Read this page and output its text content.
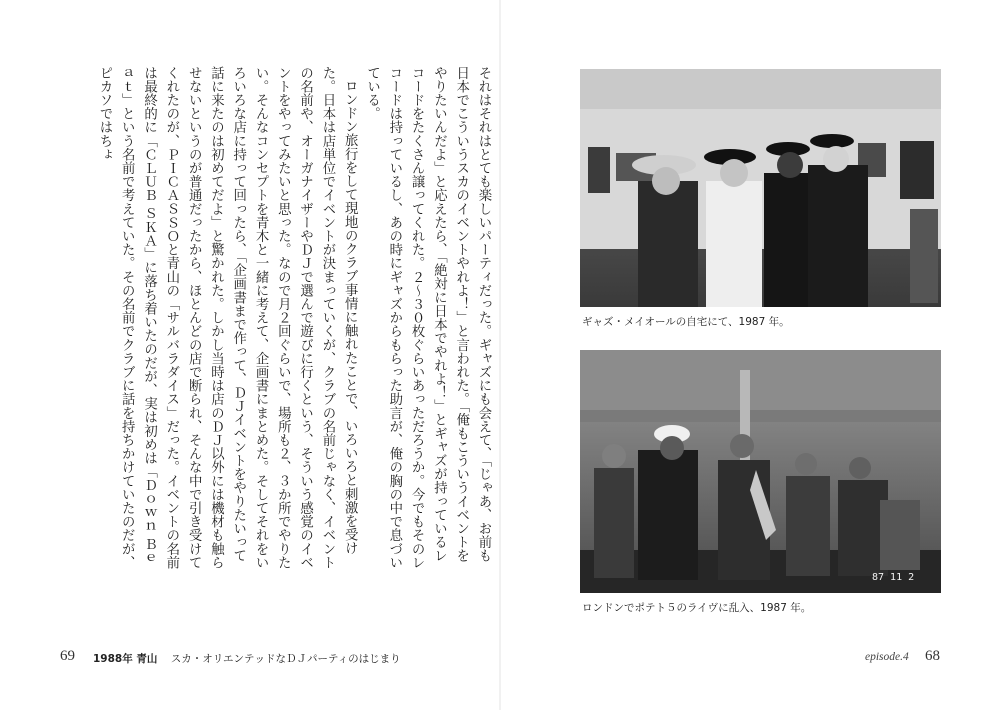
それはそれはとても楽しいパーティだった。ギャズにも会えて、「じゃあ、お前も日本でこういうスカのイベントやれよ！」と言われた。「俺もこういうイベントをやりたいんだよ」と応えたら、「絶対に日本でやれよ！」とギャズが持っているレコードをたくさん譲ってくれた。２〜３０枚ぐらいあっただろうか。今でもそのレコードは持っているし、あの時にギャズからもらった助言が、俺の胸の中で息づいている。

ロンドン旅行をして現地のクラブ事情に触れたことで、いろいろと刺激を受けた。日本は店単位でイベントが決まっていくが、クラブの名前じゃなく、イベントの名前や、オーガナイザーやＤＪで選んで遊びに行くという、そういう感覚のイベントをやってみたいと思った。なので月２回ぐらいで、場所も２、３か所でやりたい。そんなコンセプトを青木と一緒に考えて、企画書にまとめた。そしてそれをいろいろな店に持って回ったら、「企画書まで作って、ＤＪイベントをやりたいって話に来たのは初めてだよ」と驚かれた。しかし当時は店のＤＪ以外には機材も触らせないというのが普通だったから、ほとんどの店で断られ、そんな中で引き受けてくれたのが、ＰＩＣＡＳＳＯと青山の「サルバラダイス」だった。イベントの名前は最終的に「ＣＬＵＢ ＳＫＡ」に落ち着いたのだが、実は初めは「Ｄｏｗｎ Ｂｅａｔ」という名前で考えていた。その名前でクラブに話を持ちかけていたのだが、ピカソではちょ

ギャズ・メイオールの自宅にて、1987 年。
87 11 2
ロンドンでポテト５のライヴに乱入、1987 年。
69 1988年 青山 スカ・オリエンテッドなＤＪパーティのはじまり	episode.4 68
